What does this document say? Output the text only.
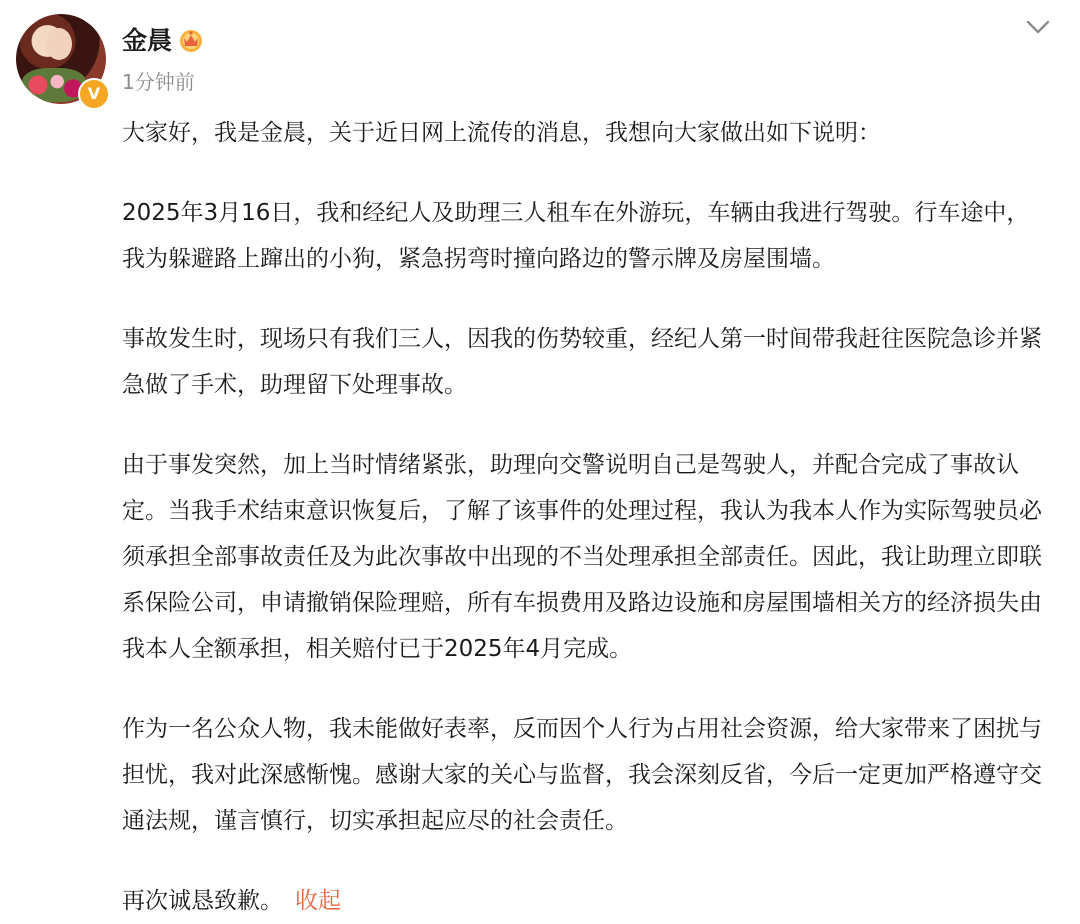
V
金晨
1分钟前

大家好，我是金晨，关于近日网上流传的消息，我想向大家做出如下说明：

2025年3月16日，我和经纪人及助理三人租车在外游玩，车辆由我进行驾驶。行车途中，我为躲避路上蹿出的小狗，紧急拐弯时撞向路边的警示牌及房屋围墙。

事故发生时，现场只有我们三人，因我的伤势较重，经纪人第一时间带我赶往医院急诊并紧急做了手术，助理留下处理事故。

由于事发突然，加上当时情绪紧张，助理向交警说明自己是驾驶人，并配合完成了事故认定。当我手术结束意识恢复后，了解了该事件的处理过程，我认为我本人作为实际驾驶员必须承担全部事故责任及为此次事故中出现的不当处理承担全部责任。因此，我让助理立即联系保险公司，申请撤销保险理赔，所有车损费用及路边设施和房屋围墙相关方的经济损失由我本人全额承担，相关赔付已于2025年4月完成。

作为一名公众人物，我未能做好表率，反而因个人行为占用社会资源，给大家带来了困扰与担忧，我对此深感惭愧。感谢大家的关心与监督，我会深刻反省，今后一定更加严格遵守交通法规，谨言慎行，切实承担起应尽的社会责任。

再次诚恳致歉。 收起
